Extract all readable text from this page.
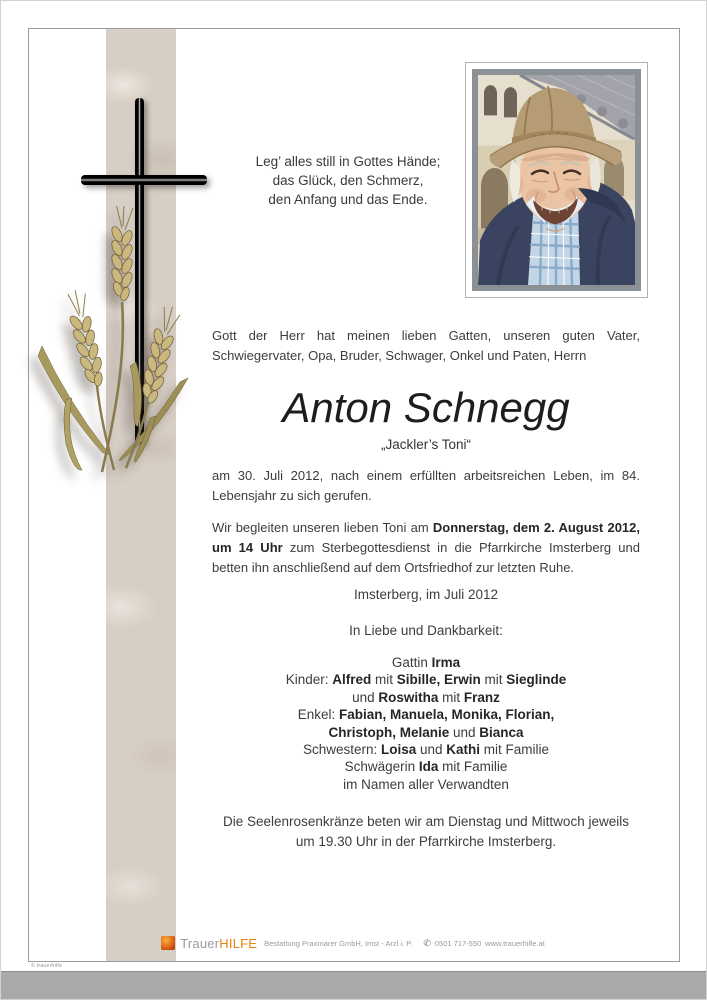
Leg’ alles still in Gottes Hände;
das Glück, den Schmerz,
den Anfang und das Ende.
Gott der Herr hat meinen lieben Gatten, unseren guten Vater, Schwiegervater, Opa, Bruder, Schwager, Onkel und Paten, Herrn
Anton Schnegg
„Jackler’s Toni“
am 30. Juli 2012, nach einem erfüllten arbeitsreichen Leben, im 84. Lebensjahr zu sich gerufen.
Wir begleiten unseren lieben Toni am Donnerstag, dem 2. August 2012, um 14 Uhr zum Sterbegottesdienst in die Pfarrkirche Imsterberg und betten ihn anschließend auf dem Ortsfriedhof zur letzten Ruhe.
Imsterberg, im Juli 2012
In Liebe und Dankbarkeit:
Gattin Irma
Kinder: Alfred mit Sibille, Erwin mit Sieglinde
und Roswitha mit Franz
Enkel: Fabian, Manuela, Monika, Florian,
Christoph, Melanie und Bianca
Schwestern: Loisa und Kathi mit Familie
Schwägerin Ida mit Familie
im Namen aller Verwandten
Die Seelenrosenkränze beten wir am Dienstag und Mittwoch jeweils
um 19.30 Uhr in der Pfarrkirche Imsterberg.
TrauerHILFE Bestattung Praxmarer GmbH, Imst - Arzl i. P. ✆ 0501 717-550 www.trauerhilfe.at
© trauerhilfe
